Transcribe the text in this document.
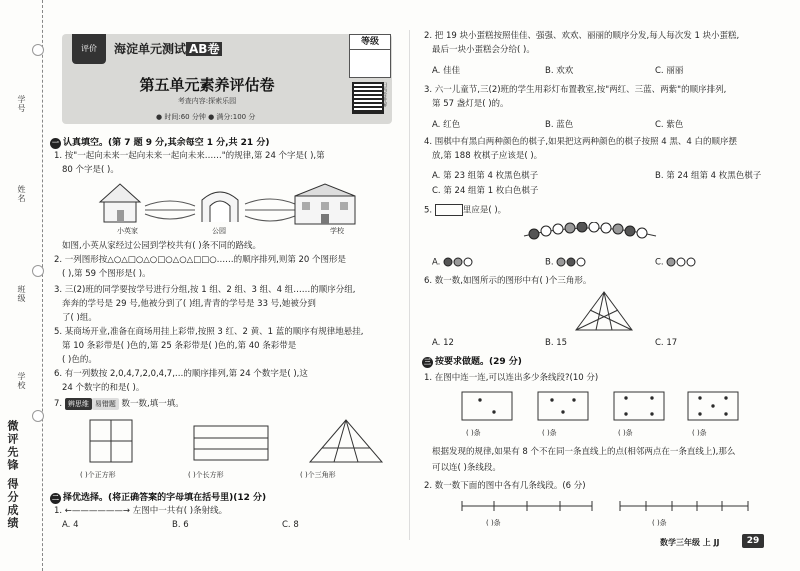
学号
姓名
班级
学校
微评先锋 得分成绩
评价	海淀单元测试 AB卷	等级
第五单元素养评估卷
考查内容:探索乐园
● 时间:60 分钟 ● 满分:100 分
扫码看讲解
一 认真填空。(第 7 题 9 分,其余每空 1 分,共 21 分)
1. 按"一起向未来一起向未来一起向未来……"的规律,第 24 个字是( ),第
80 个字是( )。
小英家	公园	学校
如图,小英从家经过公园到学校共有( )条不同的路线。
2. 一列图形按△○△□○△○□○△○△□□○……的顺序排列,则第 20 个图形是
( ),第 59 个图形是( )。
3. 三(2)班的同学要按学号进行分组,按 1 组、2 组、3 组、4 组……的顺序分组,
奔奔的学号是 29 号,他被分到了( )组,青青的学号是 33 号,她被分到
了( )组。
5. 某商场开业,准备在商场用挂上彩带,按照 3 红、2 黄、1 蓝的顺序有规律地悬挂,
第 10 条彩带是( )色的,第 25 条彩带是( )色的,第 40 条彩带是
( )色的。
6. 有一列数按 2,0,4,7,2,0,4,7,…的顺序排列,第 24 个数字是( ),这
24 个数字的和是( )。
7. 辨思维 易错题 数一数,填一填。
( )个正方形	( )个长方形	( )个三角形
二 择优选择。(将正确答案的字母填在括号里)(12 分)
1. ←——————→ 左图中一共有( )条射线。
A. 4	B. 6	C. 8
2. 把 19 块小蛋糕按照佳佳、强强、欢欢、丽丽的顺序分发,每人每次发 1 块小蛋糕,
最后一块小蛋糕会分给( )。
A. 佳佳	B. 欢欢	C. 丽丽
3. 六一儿童节,三(2)班的学生用彩灯布置教室,按"两红、三蓝、两紫"的顺序排列,
第 57 盏灯是( )的。
A. 红色	B. 蓝色	C. 紫色
4. 围棋中有黑白两种颜色的棋子,如果把这两种颜色的棋子按照 4 黑、4 白的顺序摆
放,第 188 枚棋子应该是( )。
A. 第 23 组第 4 枚黑色棋子	B. 第 24 组第 4 枚黑色棋子
C. 第 24 组第 1 枚白色棋子
5.	里应是( )。
A.	B.	C.
6. 数一数,如图所示的图形中有( )个三角形。
A. 12	B. 15	C. 17
三 按要求做题。(29 分)
1. 在图中连一连,可以连出多少条线段?(10 分)
( )条	( )条	( )条	( )条
根据发现的规律,如果有 8 个不在同一条直线上的点(相邻两点在一条直线上),那么
可以连( )条线段。
2. 数一数下面的图中各有几条线段。(6 分)
( )条	( )条
数学三年级 上 JJ	29
